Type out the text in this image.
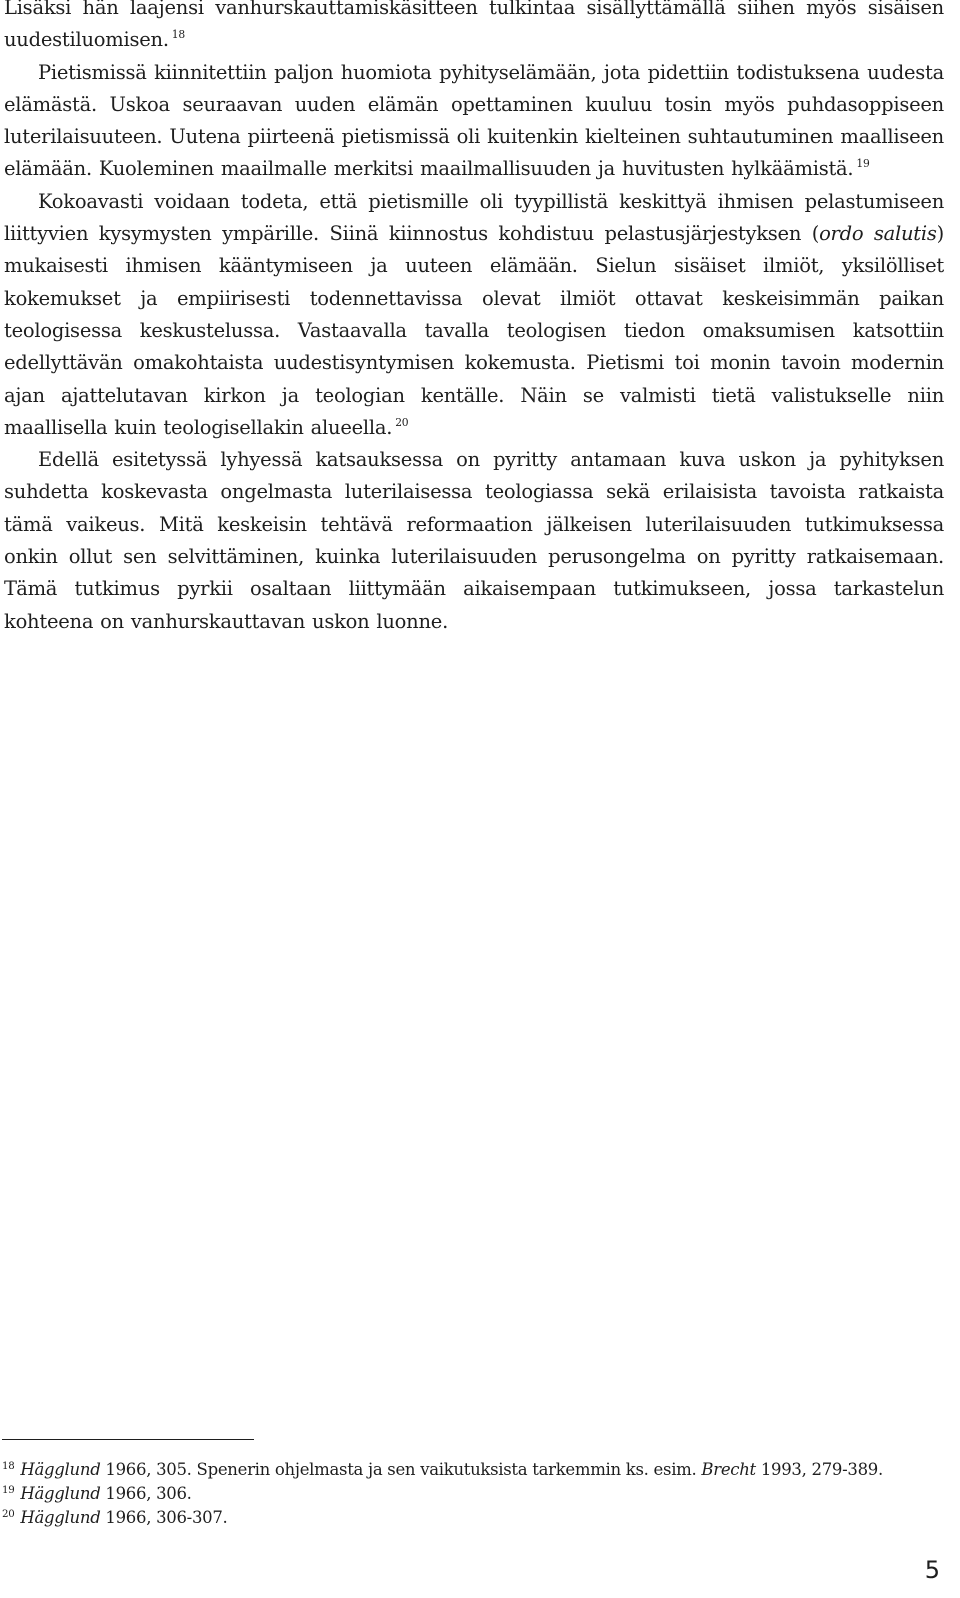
Lisäksi hän laajensi vanhurskauttamiskäsitteen tulkintaa sisällyttämällä siihen myös sisäisen uudestiluomisen. $^{18}$

Pietismissä kiinnitettiin paljon huomiota pyhityselämään, jota pidettiin todistuksena uudesta elämästä. Uskoa seuraavan uuden elämän opettaminen kuuluu tosin myös puhdasoppiseen luterilaisuuteen. Uutena piirteenä pietismissä oli kuitenkin kielteinen suhtautuminen maalliseen elämään. Kuoleminen maailmalle merkitsi maailmallisuuden ja huvitusten hylkäämistä. $^{19}$

Kokoavasti voidaan todeta, että pietismille oli tyypillistä keskittyä ihmisen pelastumiseen liittyvien kysymysten ympärille. Siinä kiinnostus kohdistuu pelastusjärjestyksen (ordo salutis) mukaisesti ihmisen kääntymiseen ja uuteen elämään. Sielun sisäiset ilmiöt, yksilölliset kokemukset ja empiirisesti todennettavissa olevat ilmiöt ottavat keskeisimmän paikan teologisessa keskustelussa. Vastaavalla tavalla teologisen tiedon omaksumisen katsottiin edellyttävän omakohtaista uudestisyntymisen kokemusta. Pietismi toi monin tavoin modernin ajan ajattelutavan kirkon ja teologian kentälle. Näin se valmisti tietä valistukselle niin maallisella kuin teologisellakin alueella. $^{20}$

Edellä esitetyssä lyhyessä katsauksessa on pyritty antamaan kuva uskon ja pyhityksen suhdetta koskevasta ongelmasta luterilaisessa teologiassa sekä erilaisista tavoista ratkaista tämä vaikeus. Mitä keskeisin tehtävä reformaation jälkeisen luterilaisuuden tutkimuksessa onkin ollut sen selvittäminen, kuinka luterilaisuuden perusongelma on pyritty ratkaisemaan. Tämä tutkimus pyrkii osaltaan liittymään aikaisempaan tutkimukseen, jossa tarkastelun kohteena on vanhurskauttavan uskon luonne.

$^{18}$ Hägglund 1966, 305. Spenerin ohjelmasta ja sen vaikutuksista tarkemmin ks. esim. Brecht 1993, 279-389.

$^{19}$ Hägglund 1966, 306.

$^{20}$ Hägglund 1966, 306-307.

5
